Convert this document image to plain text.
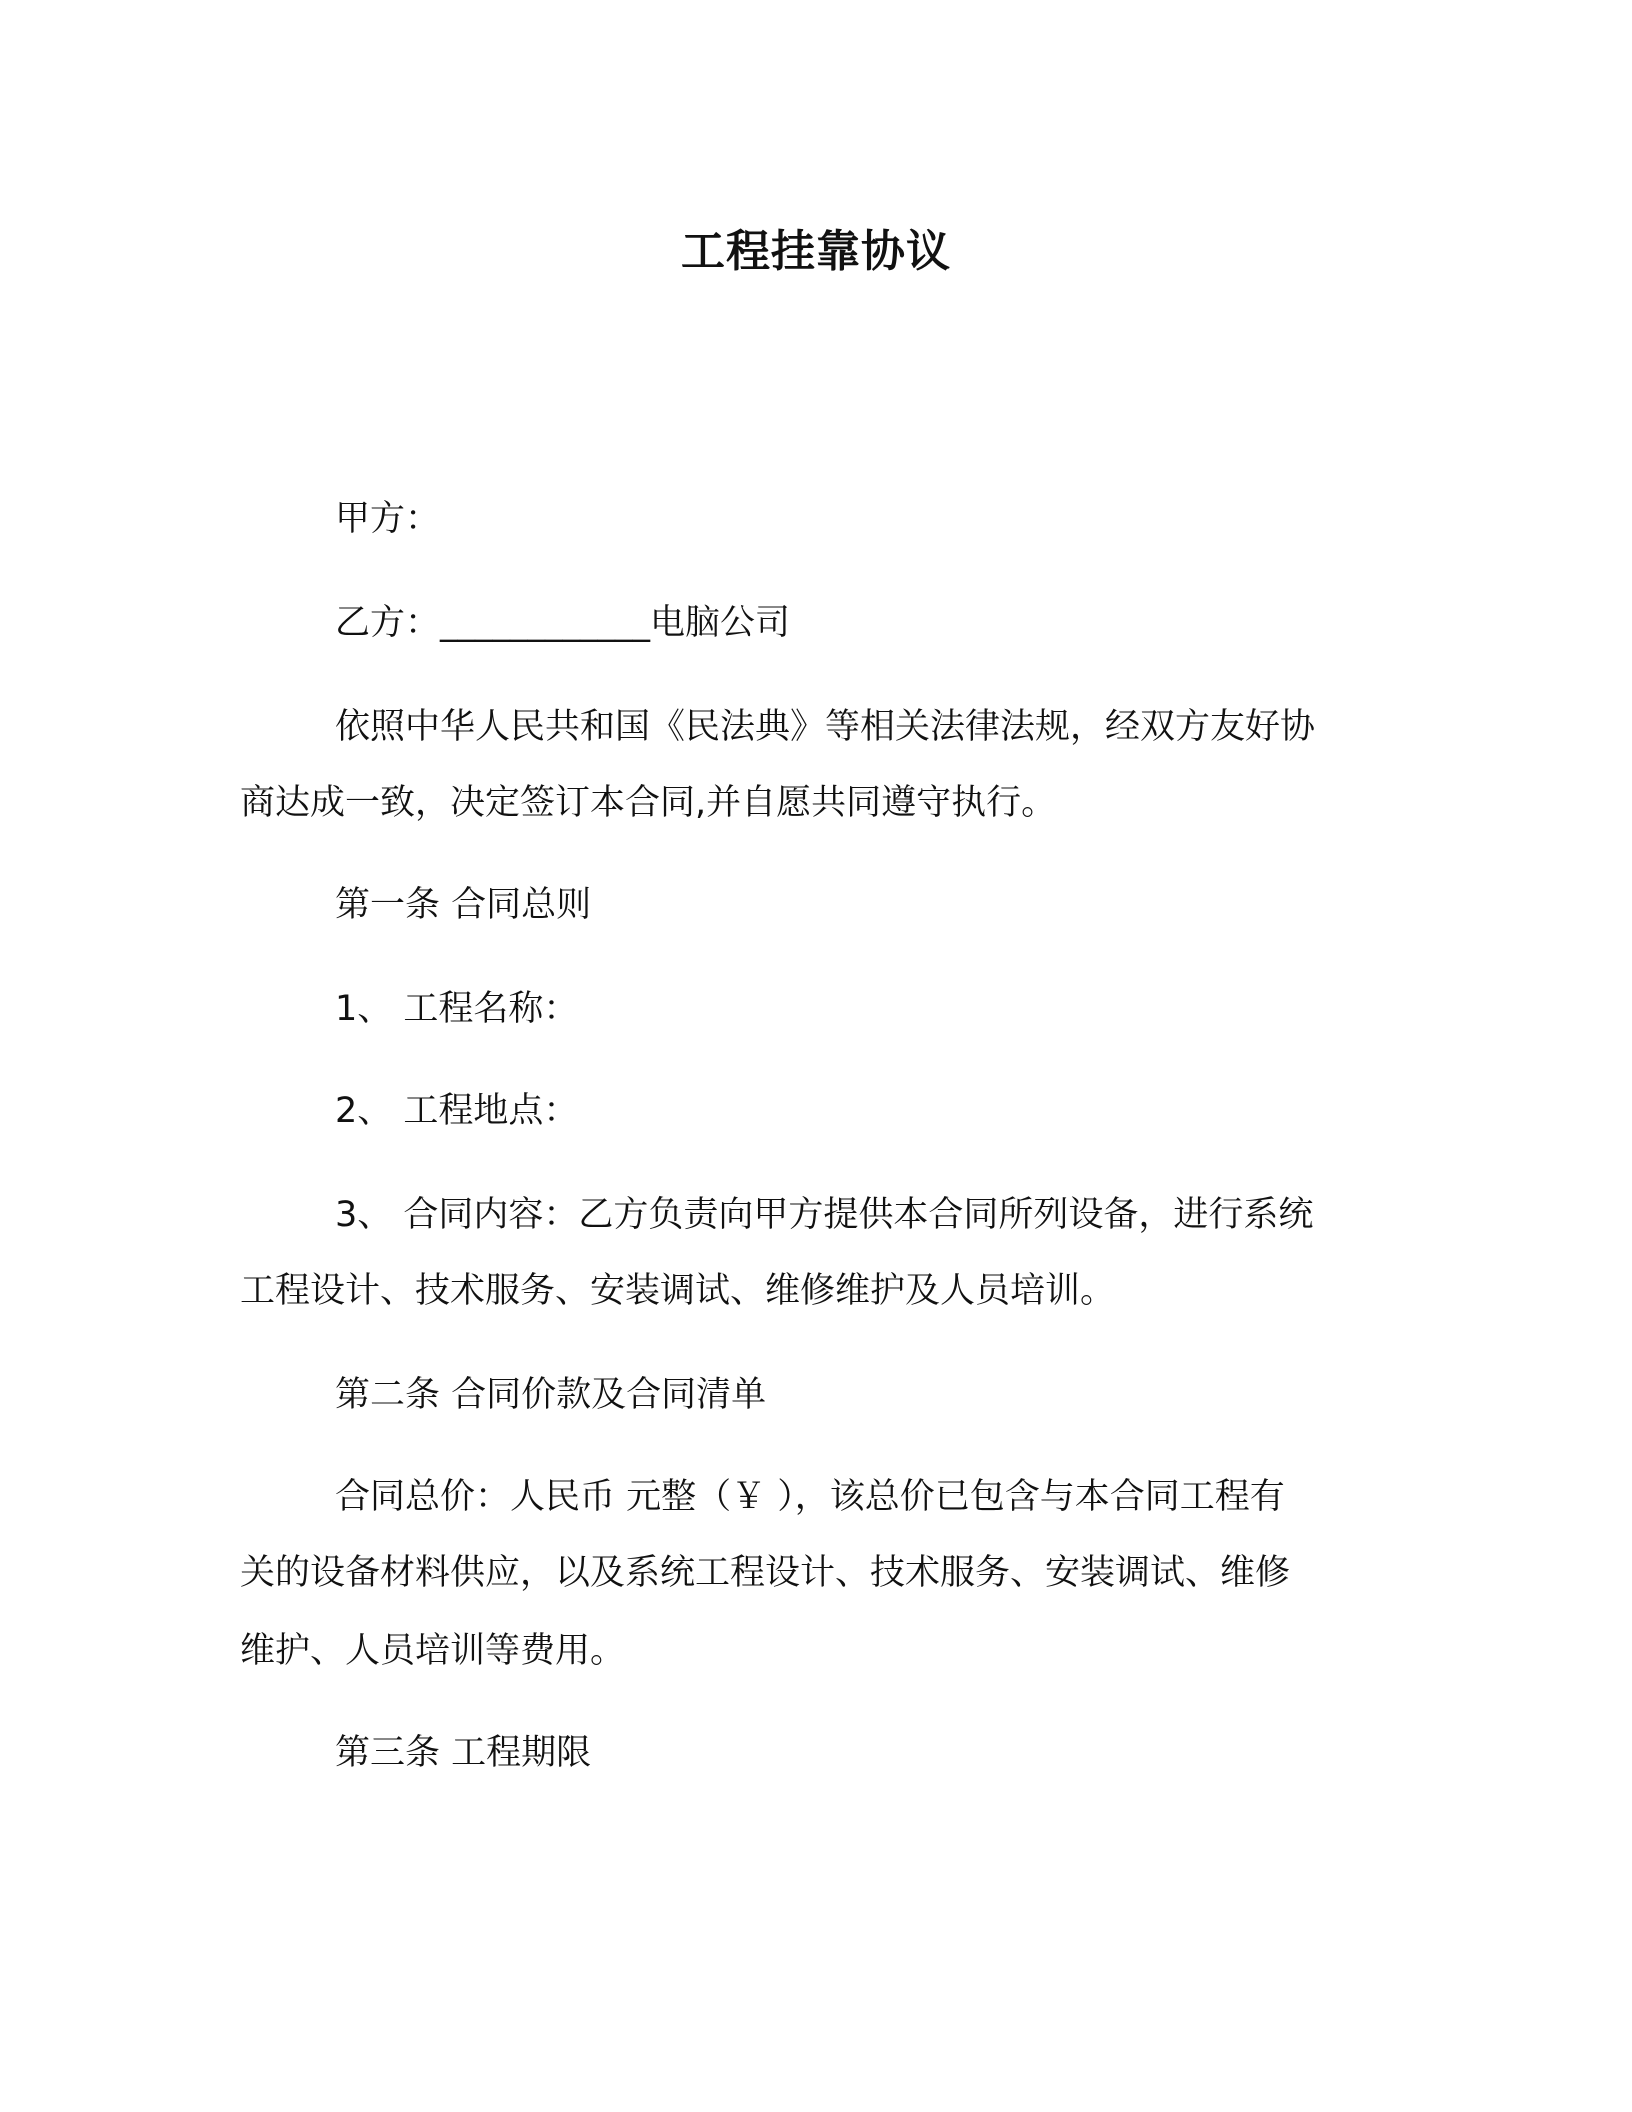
工程挂靠协议
甲方：
乙方：____________电脑公司
依照中华人民共和国《民法典》等相关法律法规，经双方友好协
商达成一致，决定签订本合同,并自愿共同遵守执行。
第一条 合同总则
1、 工程名称：
2、 工程地点：
3、 合同内容：乙方负责向甲方提供本合同所列设备，进行系统
工程设计、技术服务、安装调试、维修维护及人员培训。
第二条 合同价款及合同清单
合同总价：人民币 元整（￥ ），该总价已包含与本合同工程有
关的设备材料供应，以及系统工程设计、技术服务、安装调试、维修
维护、人员培训等费用。
第三条 工程期限
